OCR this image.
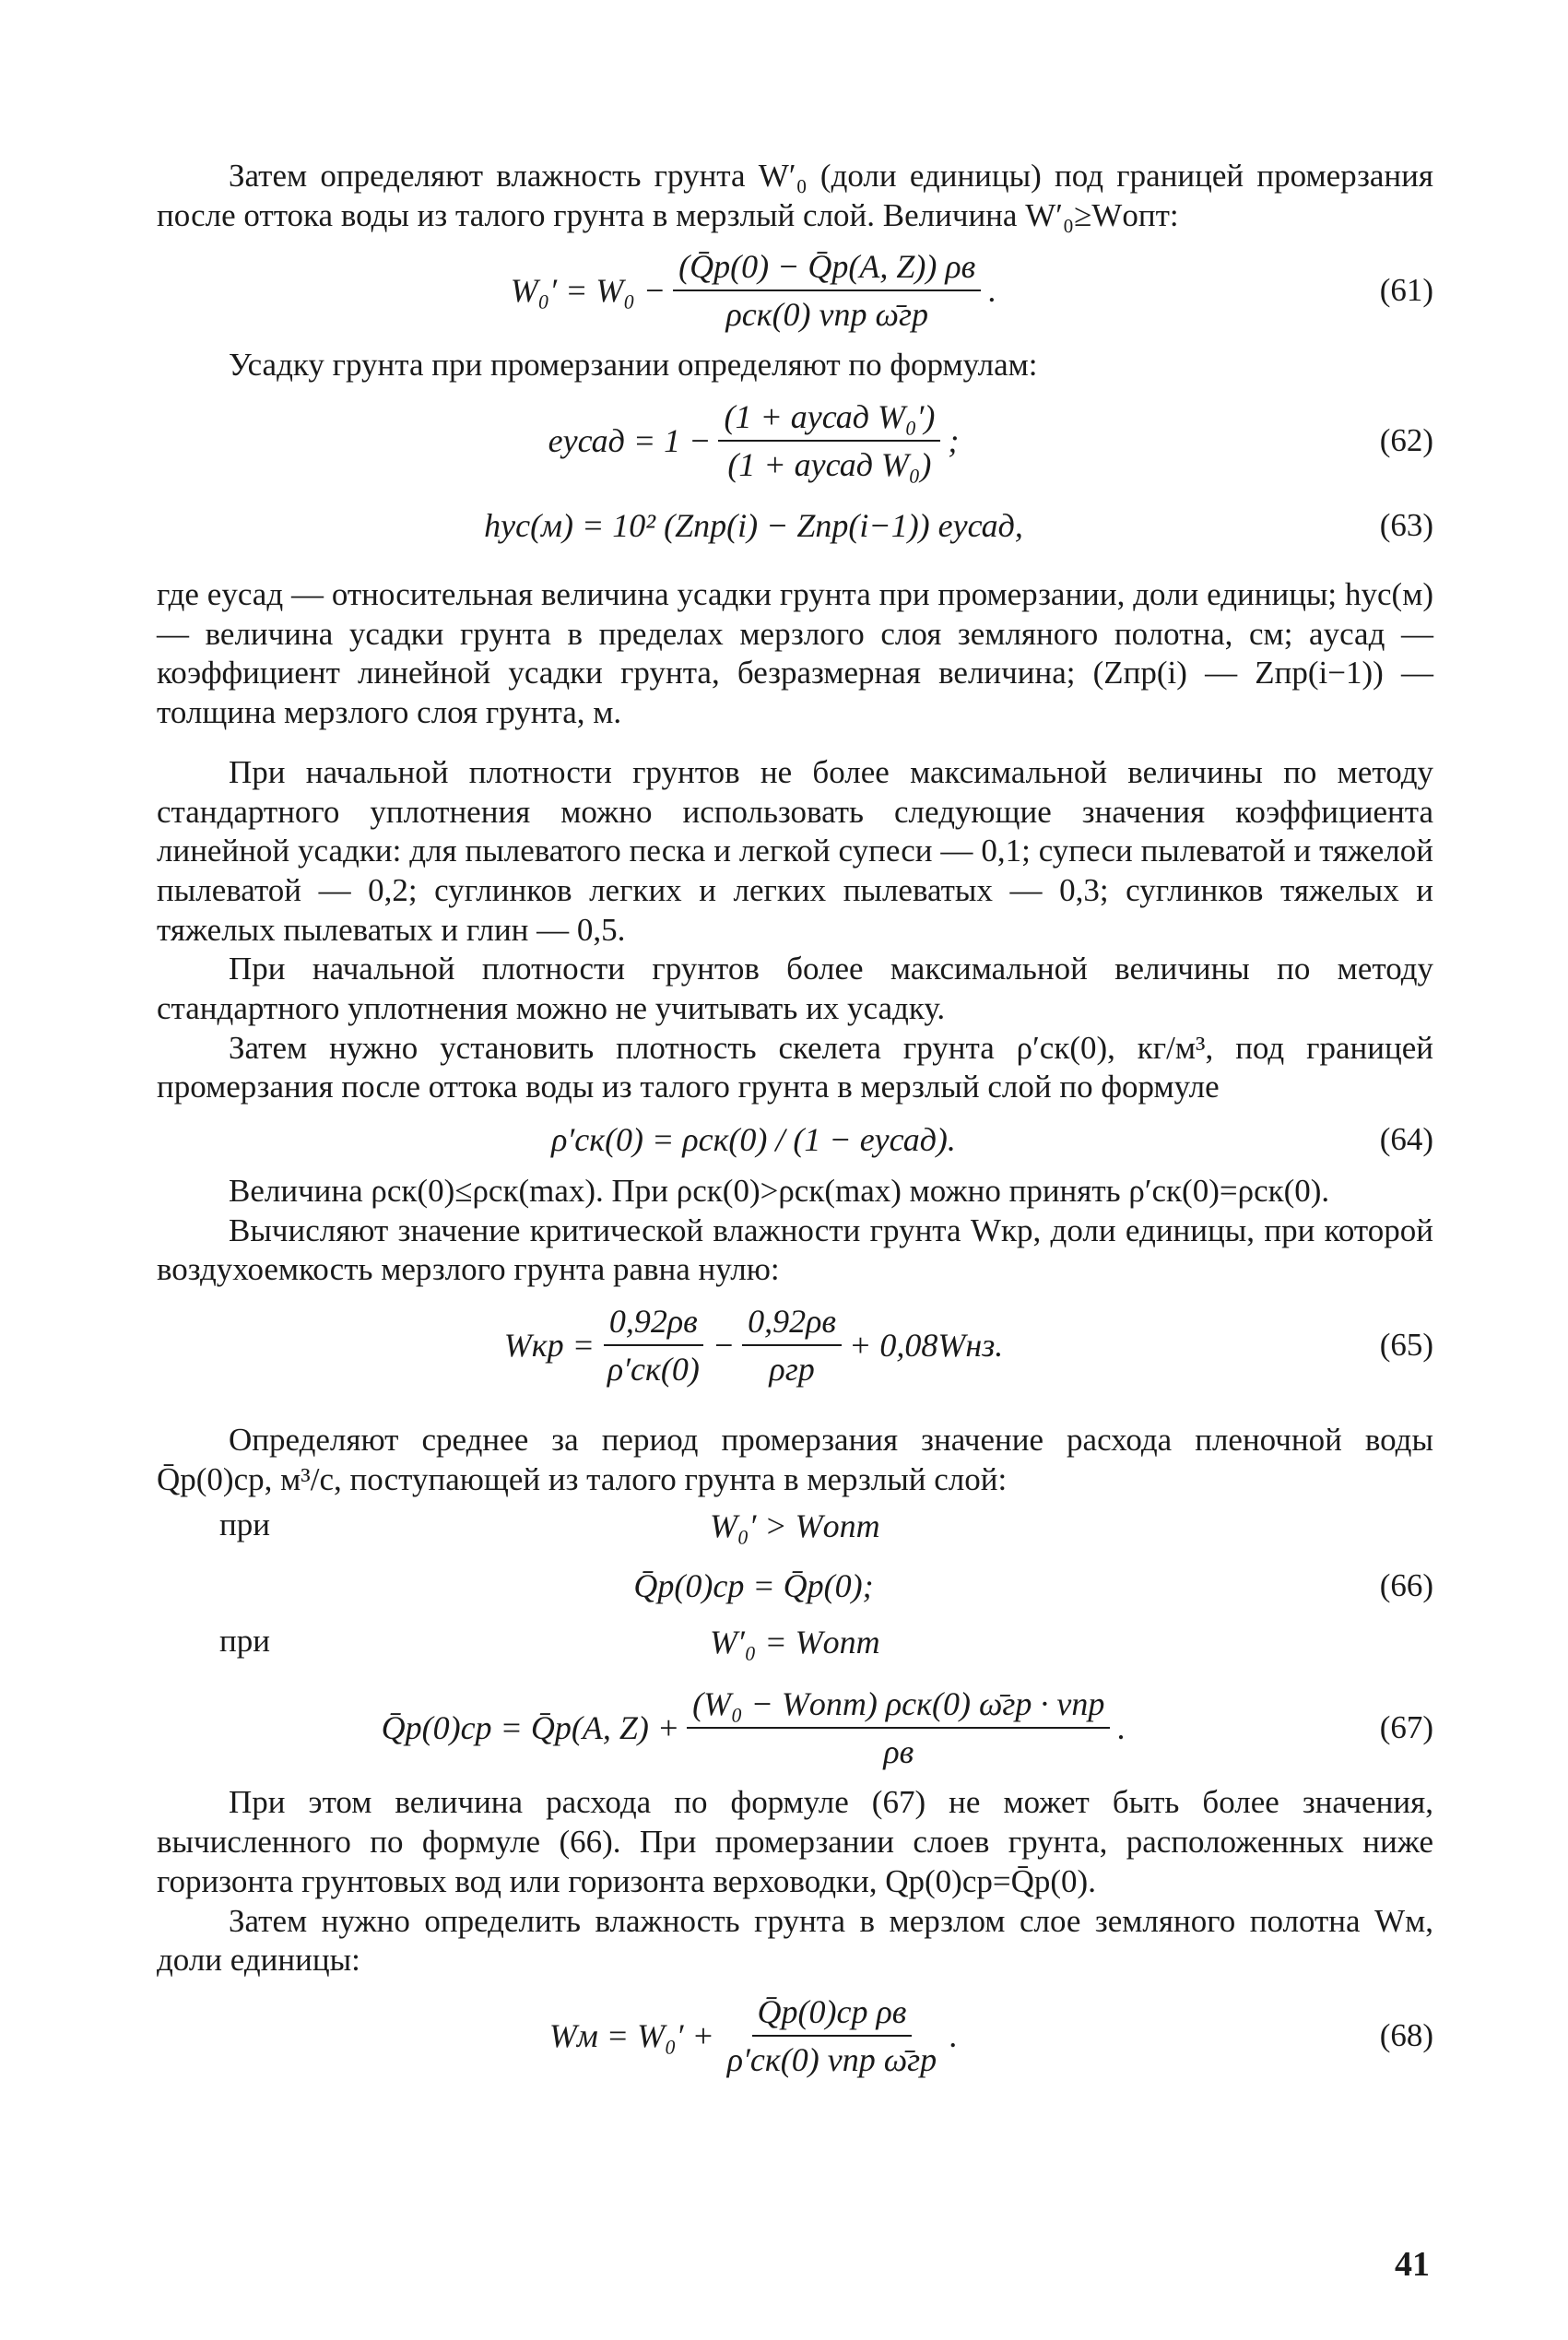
Затем определяют влажность грунта W′₀ (доли единицы) под границей промерзания после оттока воды из талого грунта в мерзлый слой. Величина W′₀≥Wопт:

$W_0' = W_0 - \frac{(Q̄р(0) - Q̄р(A, Z)) \rho в}{\text{ρск(0) vпр ω̄гр}}$ .	(61)

Усадку грунта при промерзании определяют по формулам:

eусад = $1 - \frac{\text{(1 + aусад W₀′)}}{\text{(1 + aусад W₀)}}$ ;	(62)
hус(м) = 10² (Zпр(i) − Zпр(i−1)) eусад,	(63)

где eусад — относительная величина усадки грунта при промерзании, доли единицы; hус(м) — величина усадки грунта в пределах мерзлого слоя земляного полотна, см; aусад — коэффициент линейной усадки грунта, безразмерная величина; (Zпр(i) — Zпр(i−1)) — толщина мерзлого слоя грунта, м.

При начальной плотности грунтов не более максимальной величины по методу стандартного уплотнения можно использовать следующие значения коэффициента линейной усадки: для пылеватого песка и легкой супеси — 0,1; супеси пылеватой и тяжелой пылеватой — 0,2; суглинков легких и легких пылеватых — 0,3; суглинков тяжелых и тяжелых пылеватых и глин — 0,5.

При начальной плотности грунтов более максимальной величины по методу стандартного уплотнения можно не учитывать их усадку.

Затем нужно установить плотность скелета грунта ρ′ск(0), кг/м³, под границей промерзания после оттока воды из талого грунта в мерзлый слой по формуле

ρ′ск(0) = ρск(0) / (1 − eусад).	(64)

Величина ρск(0)≤ρск(max). При ρск(0)>ρск(max) можно принять ρ′ск(0)=ρск(0).

Вычисляют значение критической влажности грунта Wкр, доли единицы, при которой воздухоемкость мерзлого грунта равна нулю:

Wкр = $\frac{0,92\rho в}{\rho'ск(0)} - \frac{0,92\rho в}{\text{ρгр}} + 0,08Wнз$.	(65)

Определяют среднее за период промерзания значение расхода пленочной воды Q̄р(0)ср, м³/с, поступающей из талого грунта в мерзлый слой:

при	W₀′ > Wопт
Q̄р(0)ср = Q̄р(0);	(66)
при	W′₀ = Wопт
Q̄р(0)ср = Q̄р(A, $Z) + \frac{\text{(W₀ − Wопт) ρск(0) ω̄гр · vпр}}{\rho в}$ .	(67)

При этом величина расхода по формуле (67) не может быть более значения, вычисленного по формуле (66). При промерзании слоев грунта, расположенных ниже горизонта грунтовых вод или горизонта верховодки, Qр(0)ср=Q̄р(0).

Затем нужно определить влажность грунта в мерзлом слое земляного полотна Wм, доли единицы:

Wм = $W_0' + \frac{\text{Q̄р(0)ср ρв}}{\text{ρ′ск(0) vпр ω̄гр}}$ .	(68)
41
